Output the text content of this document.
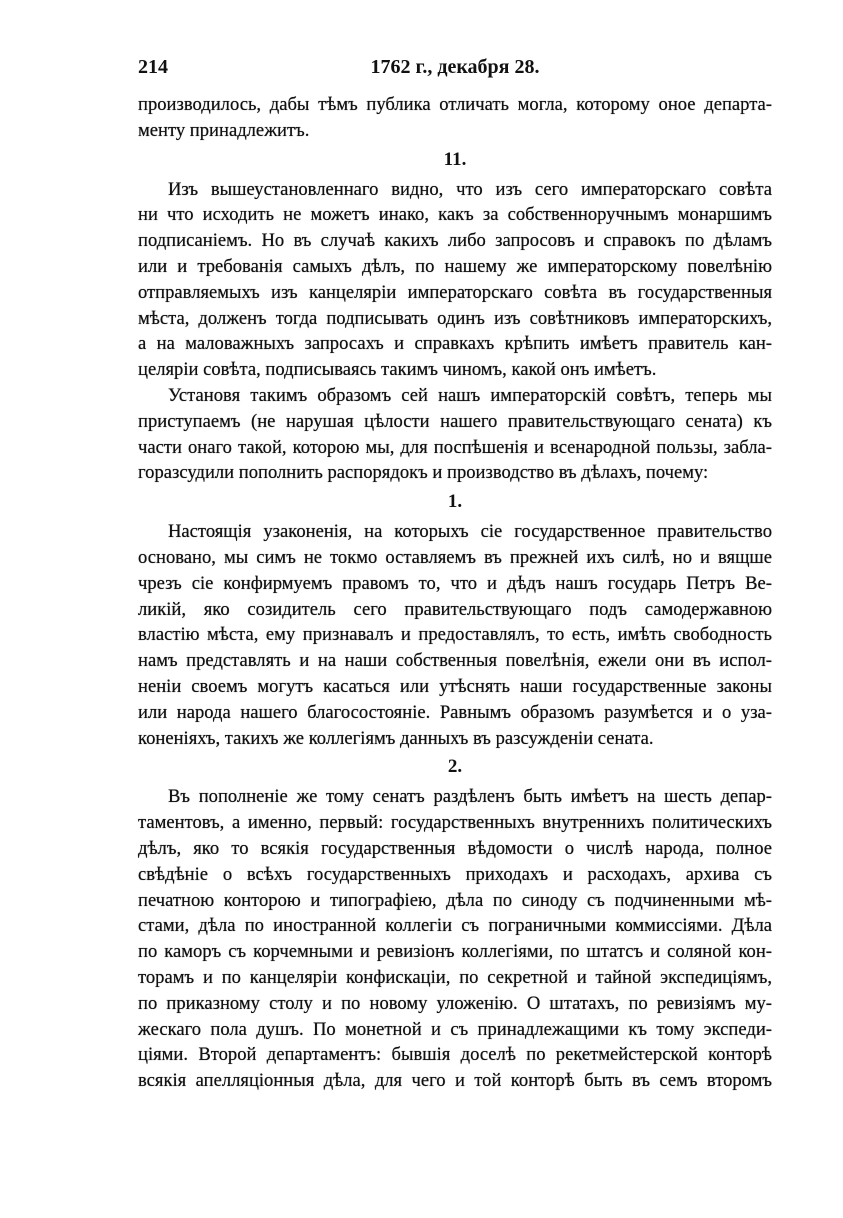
214	1762 г., декабря 28.
производилось, дабы тѣмъ публика отличать могла, которому оное департа-
менту принадлежитъ.
11.
Изъ вышеустановленнаго видно, что изъ сего императорскаго совѣта
ни что исходить не можетъ инако, какъ за собственноручнымъ монаршимъ
подписаніемъ. Но въ случаѣ какихъ либо запросовъ и справокъ по дѣламъ
или и требованія самыхъ дѣлъ, по нашему же императорскому повелѣнію
отправляемыхъ изъ канцеляріи императорскаго совѣта въ государственныя
мѣста, долженъ тогда подписывать одинъ изъ совѣтниковъ императорскихъ,
а на маловажныхъ запросахъ и справкахъ крѣпить имѣетъ правитель кан-
целяріи совѣта, подписываясь такимъ чиномъ, какой онъ имѣетъ.
Установя такимъ образомъ сей нашъ императорскій совѣтъ, теперь мы
приступаемъ (не нарушая цѣлости нашего правительствующаго сената) къ
части онаго такой, которою мы, для поспѣшенія и всенародной пользы, забла-
горазсудили пополнить распорядокъ и производство въ дѣлахъ, почему:
1.
Настоящія узаконенія, на которыхъ сіе государственное правительство
основано, мы симъ не токмо оставляемъ въ прежней ихъ силѣ, но и вящше
чрезъ сіе конфирмуемъ правомъ то, что и дѣдъ нашъ государь Петръ Ве-
ликій, яко созидитель сего правительствующаго подъ самодержавною
властію мѣста, ему признавалъ и предоставлялъ, то есть, имѣть свободность
намъ представлять и на наши собственныя повелѣнія, ежели они въ испол-
неніи своемъ могутъ касаться или утѣснять наши государственные законы
или народа нашего благосостояніе. Равнымъ образомъ разумѣется и о уза-
коненіяхъ, такихъ же коллегіямъ данныхъ въ разсужденіи сената.
2.
Въ пополненіе же тому сенатъ раздѣленъ быть имѣетъ на шесть депар-
таментовъ, а именно, первый: государственныхъ внутреннихъ политическихъ
дѣлъ, яко то всякія государственныя вѣдомости о числѣ народа, полное
свѣдѣніе о всѣхъ государственныхъ приходахъ и расходахъ, архива съ
печатною конторою и типографіею, дѣла по синоду съ подчиненными мѣ-
стами, дѣла по иностранной коллегіи съ пограничными коммиссіями. Дѣла
по каморъ съ корчемными и ревизіонъ коллегіями, по штатсъ и соляной кон-
торамъ и по канцеляріи конфискаціи, по секретной и тайной экспедиціямъ,
по приказному столу и по новому уложенію. О штатахъ, по ревизіямъ му-
жескаго пола душъ. По монетной и съ принадлежащими къ тому экспеди-
ціями. Второй департаментъ: бывшія доселѣ по рекетмейстерской конторѣ
всякія апелляціонныя дѣла, для чего и той конторѣ быть въ семъ второмъ
